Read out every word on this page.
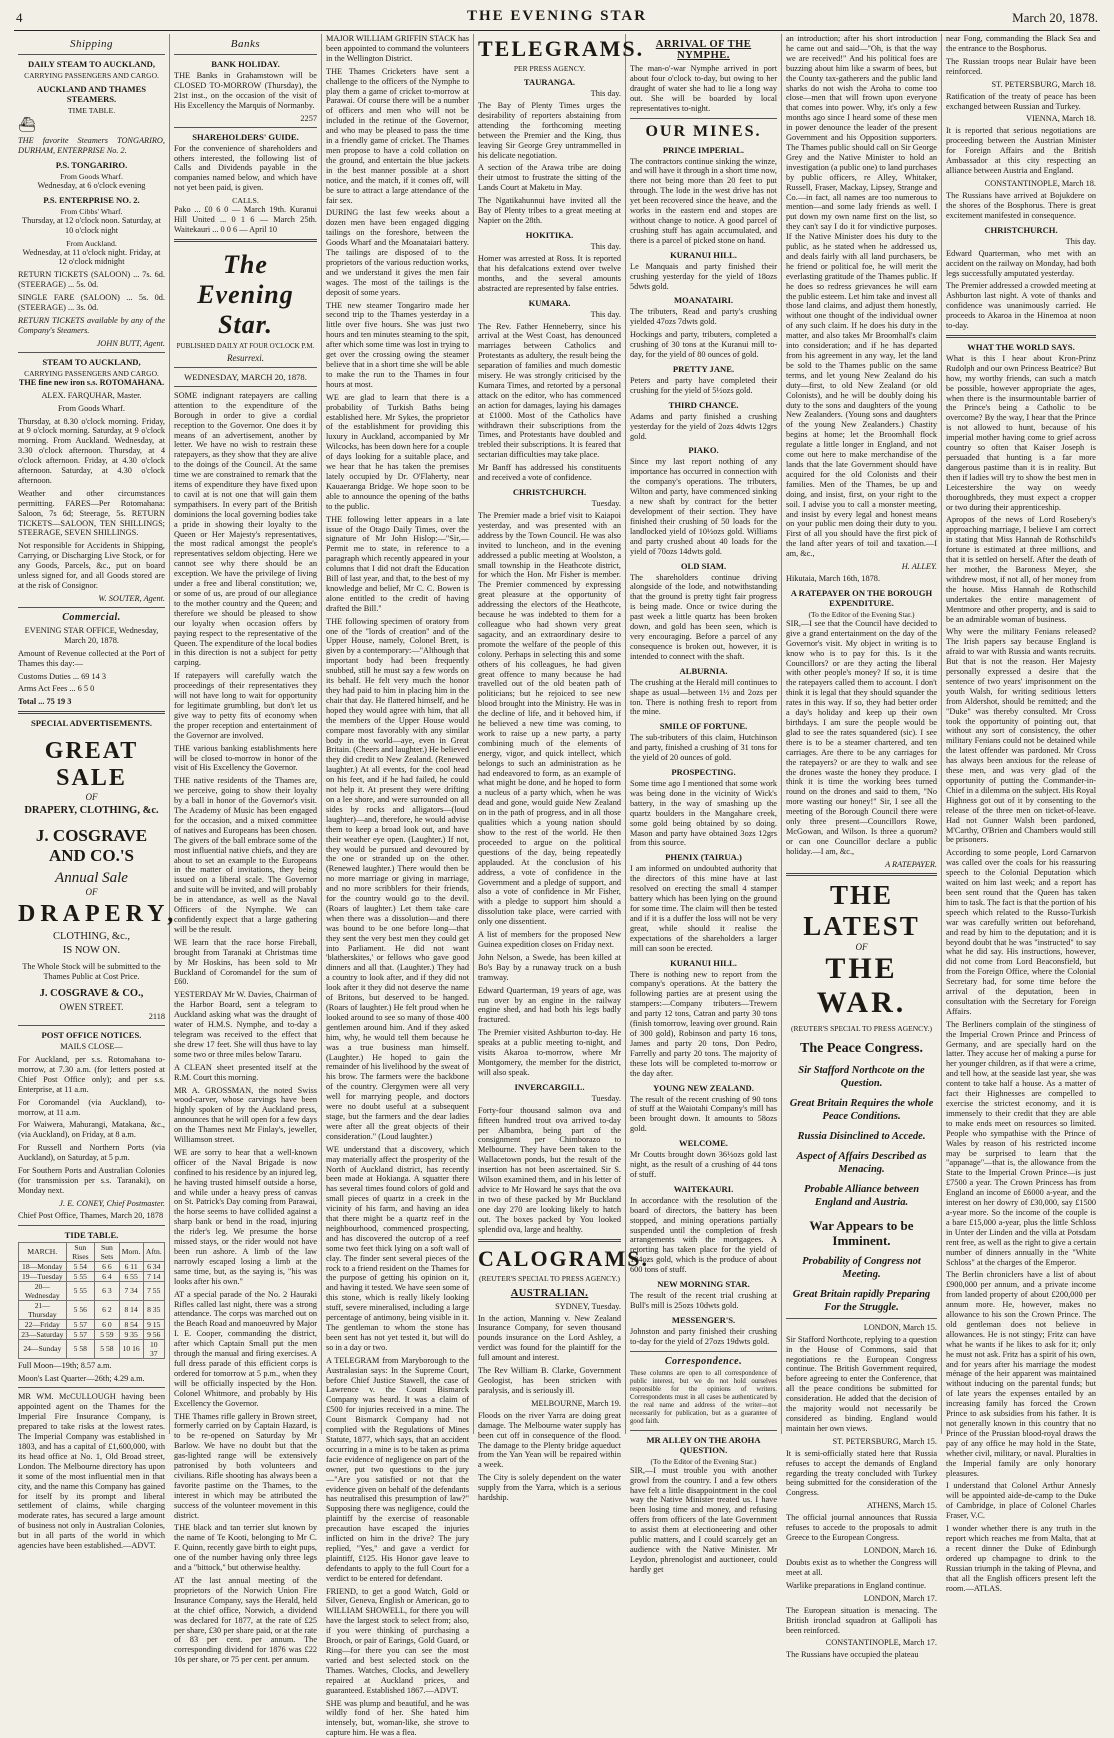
4	THE EVENING STAR	March 20, 1878.
Shipping
DAILY STEAM TO AUCKLAND,
CARRYING PASSENGERS AND CARGO.
AUCKLAND AND THAMES STEAMERS.
TIME TABLE.
⛴

THE favorite Steamers TONGARIRO, DURHAM, ENTERPRISE No. 2.

P.S. TONGARIRO.
From Goods Wharf.

Wednesday, at 6 o'clock evening

P.S. ENTERPRISE NO. 2.
From Cibbs' Wharf.

Thursday, at 12 o'clock noon. Saturday, at 10 o'clock night

From Auckland.

Wednesday, at 11 o'clock night. Friday, at 12 o'clock midnight

RETURN TICKETS (SALOON) ... 7s. 6d. (STEERAGE) ... 5s. 0d.

SINGLE FARE (SALOON) ... 5s. 0d. (STEERAGE) ... 3s. 0d.

RETURN TICKETS available by any of the Company's Steamers.

JOHN BUTT, Agent.
STEAM TO AUCKLAND,
CARRYING PASSENGERS AND CARGO.

THE fine new iron s.s. ROTOMAHANA.

ALEX. FARQUHAR, Master.

From Goods Wharf.

Thursday, at 8.30 o'clock morning. Friday, at 9 o'clock morning. Saturday, at 9 o'clock morning. From Auckland. Wednesday, at 3.30 o'clock afternoon. Thursday, at 4 o'clock afternoon. Friday, at 4.30 o'clock afternoon. Saturday, at 4.30 o'clock afternoon.

Weather and other circumstances permitting. FARES—Per Rotomahana: Saloon, 7s 6d; Steerage, 5s. RETURN TICKETS—SALOON, TEN SHILLINGS; STEERAGE, SEVEN SHILLINGS.

Not responsible for Accidents in Shipping, Carrying, or Discharging Live Stock, or for any Goods, Parcels, &c., put on board unless signed for, and all Goods stored are at the risk of Consignor.

W. SOUTER, Agent.
Commercial.

EVENING STAR OFFICE, Wednesday, March 20, 1878.

Amount of Revenue collected at the Port of Thames this day:—

Customs Duties ... 69 14 3

Arms Act Fees ... 6 5 0

Total ... 75 19 3

SPECIAL ADVERTISEMENTS.
GREAT SALE
OF
DRAPERY, CLOTHING, &c.
J. COSGRAVE AND CO.'S
Annual Sale
OF
DRAPERY,
CLOTHING, &c.,
IS NOW ON.

The Whole Stock will be submitted to the Thames Public at Cost Price.

J. COSGRAVE & CO.,
OWEN STREET.
2118
POST OFFICE NOTICES.

MAILS CLOSE—

For Auckland, per s.s. Rotomahana to-morrow, at 7.30 a.m. (for letters posted at Chief Post Office only); and per s.s. Enterprise, at 11 a.m.

For Coromandel (via Auckland), to-morrow, at 11 a.m.

For Waiwera, Mahurangi, Matakana, &c., (via Auckland), on Friday, at 8 a.m.

For Russell and Northern Ports (via Auckland), on Saturday, at 5 p.m.

For Southern Ports and Australian Colonies (for transmission per s.s. Taranaki), on Monday next.

J. E. CONEY, Chief Postmaster.

Chief Post Office, Thames, March 20, 1878

TIDE TABLE.
MARCH.	Sun Rises	Sun Sets	Morn.	Aftn.
18—Monday	5 54	6 6	6 11	6 34
19—Tuesday	5 55	6 4	6 55	7 14
20—Wednesday	5 55	6 3	7 34	7 55
21—Thursday	5 56	6 2	8 14	8 35
22—Friday	5 57	6 0	8 54	9 15
23—Saturday	5 57	5 59	9 35	9 56
24—Sunday	5 58	5 58	10 16	10 37

Full Moon—19th; 8.57 a.m.

Moon's Last Quarter—26th; 4.29 a.m.

MR WM. McCULLOUGH having been appointed agent on the Thames for the Imperial Fire Insurance Company, is prepared to take risks at the lowest rates. The Imperial Company was established in 1803, and has a capital of £1,600,000, with its head office at No. 1, Old Broad street, London. The Melbourne directory has upon it some of the most influential men in that city, and the name this Company has gained for itself by its prompt and liberal settlement of claims, while charging moderate rates, has secured a large amount of business not only in Australian Colonies, but in all parts of the world in which agencies have been established.—ADVT.

Banks
BANK HOLIDAY.

THE Banks in Grahamstown will be CLOSED TO-MORROW (Thursday), the 21st inst., on the occasion of the visit of His Excellency the Marquis of Normanby.

2257
SHAREHOLDERS' GUIDE.

For the convenience of shareholders and others interested, the following list of Calls and Dividends payable in the companies named below, and which have not yet been paid, is given.

CALLS.

Pako ... £0 6 0 — March 19th. Kuranui Hill United ... 0 1 6 — March 25th. Waitekauri ... 0 0 6 — April 10

The Evening Star.
PUBLISHED DAILY AT FOUR O'CLOCK P.M.
Resurrexi.
WEDNESDAY, MARCH 20, 1878.

SOME indignant ratepayers are calling attention to the expenditure of the Borough in order to give a cordial reception to the Governor. One does it by means of an advertisement, another by letter. We have no wish to restrain these ratepayers, as they show that they are alive to the doings of the Council. At the same time we are constrained to remark that the items of expenditure they have fixed upon to cavil at is not one that will gain them sympathisers. In every part of the British dominions the local governing bodies take a pride in showing their loyalty to the Queen or Her Majesty's representatives, the most radical amongst the people's representatives seldom objecting. Here we cannot see why there should be an exception. We have the privilege of living under a free and liberal constitution; we, or some of us, are proud of our allegiance to the mother country and the Queen; and therefore we should be pleased to show our loyalty when occasion offers by paying respect to the representative of the Queen. The expenditure of the local bodies in this direction is not a subject for petty carping.

If ratepayers will carefully watch the proceedings of their representatives they will not have long to wait for opportunity for legitimate grumbling, but don't let us give way to petty fits of economy when the proper reception and entertainment of the Governor are involved.

THE various banking establishments here will be closed to-morrow in honor of the visit of His Excellency the Governor.

THE native residents of the Thames are, we perceive, going to show their loyalty by a ball in honor of the Governor's visit. The Academy of Music has been engaged for the occasion, and a mixed committee of natives and Europeans has been chosen. The givers of the ball embrace some of the most influential native chiefs, and they are about to set an example to the Europeans in the matter of invitations, they being issued on a liberal scale. The Governor and suite will be invited, and will probably be in attendance, as well as the Naval Officers of the Nymphe. We can confidently expect that a large gathering will be the result.

WE learn that the race horse Fireball, brought from Taranaki at Christmas time by Mr Hoskins, has been sold to Mr Buckland of Coromandel for the sum of £60.

YESTERDAY Mr W. Davies, Chairman of the Harbor Board, sent a telegram to Auckland asking what was the draught of water of H.M.S. Nymphe, and to-day a telegram was received to the effect that she drew 17 feet. She will thus have to lay some two or three miles below Tararu.

A CLEAN sheet presented itself at the R.M. Court this morning.

MR A. GROSSMAN, the noted Swiss wood-carver, whose carvings have been highly spoken of by the Auckland press, announces that he will open for a few days on the Thames next Mr Finlay's, jeweller, Williamson street.

WE are sorry to hear that a well-known officer of the Naval Brigade is now confined to his residence by an injured leg, he having trusted himself outside a horse, and while under a heavy press of canvas on St. Patrick's Day coming from Parawai, the horse seems to have collided against a sharp bank or bend in the road, injuring the rider's leg. We presume the horse missed stays, or the rider would not have been run ashore. A limb of the law narrowly escaped losing a limb at the same time, but, as the saying is, "his was looks after his own."

AT a special parade of the No. 2 Hauraki Rifles called last night, there was a strong attendance. The corps was marched out on the Beach Road and manoeuvred by Major I. E. Cooper, commanding the district, after which Captain Small put the men through the manual and firing exercises. A full dress parade of this efficient corps is ordered for tomorrow at 5 p.m., when they will be officially inspected by the Hon. Colonel Whitmore, and probably by His Excellency the Governor.

THE Thames rifle gallery in Brown street, formerly carried on by Captain Hazard, is to be re-opened on Saturday by Mr Barlow. We have no doubt but that the gas-lighted range will be extensively patronised by both volunteers and civilians. Rifle shooting has always been a favorite pastime on the Thames, to the interest in which may be attributed the success of the volunteer movement in this district.

THE black and tan terrier slut known by the name of Te Kooti, belonging to Mr C. F. Quinn, recently gave birth to eight pups, one of the number having only three legs and a "bittock," but otherwise healthy.

AT the last annual meeting of the proprietors of the Norwich Union Fire Insurance Company, says the Herald, held at the chief office, Norwich, a dividend was declared for 1877, at the rate of £25 per share, £30 per share paid, or at the rate of 83 per cent. per annum. The corresponding dividend for 1876 was £22 10s per share, or 75 per cent. per annum.

MAJOR WILLIAM GRIFFIN STACK has been appointed to command the volunteers in the Wellington District.

THE Thames Cricketers have sent a challenge to the officers of the Nymphe to play them a game of cricket to-morrow at Parawai. Of course there will be a number of officers and men who will not be included in the retinue of the Governor, and who may be pleased to pass the time in a friendly game of cricket. The Thames men propose to have a cold collation on the ground, and entertain the blue jackets in the best manner possible at a short notice, and the match, if it comes off, will be sure to attract a large attendance of the fair sex.

DURING the last few weeks about a dozen men have been engaged digging tailings on the foreshore, between the Goods Wharf and the Moanataiari battery. The tailings are disposed of to the proprietors of the various reduction works, and we understand it gives the men fair wages. The most of the tailings is the deposit of some years.

THE new steamer Tongariro made her second trip to the Thames yesterday in a little over five hours. She was just two hours and ten minutes steaming to the spit, after which some time was lost in trying to get over the crossing owing the steamer believe that in a short time she will be able to make the run to the Thames in four hours at most.

WE are glad to learn that there is a probability of Turkish Baths being established here. Mr Sykes, the proprietor of the establishment for providing this luxury in Auckland, accompanied by Mr Wilcocks, has been down here for a couple of days looking for a suitable place, and we hear that he has taken the premises lately occupied by Dr. O'Flaherty, near Kauaeranga Bridge. We hope soon to be able to announce the opening of the baths to the public.

THE following letter appears in a late issue of the Otago Daily Times, over the signature of Mr John Hislop:—"Sir,—Permit me to state, in reference to a paragraph which recently appeared in your columns that I did not draft the Education Bill of last year, and that, to the best of my knowledge and belief, Mr C. C. Bowen is alone entitled to the credit of having drafted the Bill."

THE following specimen of oratory from one of the "lords of creation" and of the Upper House, namely, Colonel Brett, is given by a contemporary:—"Although that important body had been frequently snubbed, still he must say a few words on its behalf. He felt very much the honor they had paid to him in placing him in the chair that day. He flattered himself, and he hoped they would agree with him, that all the members of the Upper House would compare most favorably with any similar body in the world—aye, even in Great Britain. (Cheers and laughter.) He believed they did credit to New Zealand. (Renewed laughter.) At all events, for the cool head on his feet, and if he had failed, he could not help it. At present they were drifting on a lee shore, and were surrounded on all sides by rocks and alligators—(loud laughter)—and, therefore, he would advise them to keep a broad look out, and have their weather eye open. (Laughter.) If not, they would be pursued and devoured by the one or stranded up on the other. (Renewed laughter.) There would then be no more marriage or giving in marriage, and no more scribblers for their friends, for the country would go to the devil. (Roars of laughter.) Let them take care when there was a dissolution—and there was bound to be one before long—that they sent the very best men they could get into Parliament. He did not want 'blatherskites,' or fellows who gave good dinners and all that. (Laughter.) They had a country to look after, and if they did not look after it they did not deserve the name of Britons, but deserved to be hanged. (Roars of laughter.) He felt proud when he looked around to see so many of those 400 gentlemen around him. And if they asked him, why, he would tell them because he was a true business man himself. (Laughter.) He hoped to gain the remainder of his livelihood by the sweat of his brow. The farmers were the backbone of the country. Clergymen were all very well for marrying people, and doctors were no doubt useful at a subsequent stage, but the farmers and the dear ladies were after all the great objects of their consideration." (Loud laughter.)

WE understand that a discovery, which may materially affect the prosperity of the North of Auckland district, has recently been made at Hokianga. A squatter there has several times found colors of gold and small pieces of quartz in a creek in the vicinity of his farm, and having an idea that there might be a quartz reef in the neighbourhood, commenced prospecting, and has discovered the outcrop of a reef some two feet thick lying on a soft wall of clay. The finder sent several pieces of the rock to a friend resident on the Thames for the purpose of getting his opinion on it, and having it tested. We have seen some of this stone, which is really likely looking stuff, severe mineralised, including a large percentage of antimony, being visible in it. The gentleman to whom the stone has been sent has not yet tested it, but will do so in a day or two.

A TELEGRAM from Maryborough to the Australasian says: In the Supreme Court, before Chief Justice Stawell, the case of Lawrence v. the Count Bismarck Company was heard. It was a claim of £500 for injuries received in a mine. The Count Bismarck Company had not complied with the Regulations of Mines Statute, 1877, which says, that an accident occurring in a mine is to be taken as prima facie evidence of negligence on part of the owner, put two questions to the jury—"Are you satisfied or not that the evidence given on behalf of the defendants has neutralised this presumption of law?" Supposing there was negligence, could the plaintiff by the exercise of reasonable precaution have escaped the injuries inflicted on him in the drive? The jury replied, "Yes," and gave a verdict for plaintiff, £125. His Honor gave leave to defendants to apply to the full Court for a verdict to be entered for defendant.

FRIEND, to get a good Watch, Gold or Silver, Geneva, English or American, go to WILLIAM SHOWELL, for there you will have the largest stock to select from; also, if you were thinking of purchasing a Brooch, or pair of Earings, Gold Guard, or Ring—for there you can see the most varied and best selected stock on the Thames. Watches, Clocks, and Jewellery repaired at Auckland prices, and guaranteed. Established 1867.—ADVT.

SHE was plump and beautiful, and he was wildly fond of her. She hated him intensely, but, woman-like, she strove to capture him. He was a flea.

TELEGRAMS.
PER PRESS AGENCY.
TAURANGA.
This day.

The Bay of Plenty Times urges the desirability of reporters abstaining from attending the forthcoming meeting between the Premier and the King, thus leaving Sir George Grey untrammelled in his delicate negotiation.

A section of the Arawa tribe are doing their utmost to frustrate the sitting of the Lands Court at Maketu in May.

The Ngatikahunnui have invited all the Bay of Plenty tribes to a great meeting at Napier on the 28th.

HOKITIKA.
This day.

Homer was arrested at Ross. It is reported that his defalcations extend over twelve months, and the several amounts abstracted are represented by false entries.

KUMARA.
This day.

The Rev. Father Henneberry, since his arrival at the West Coast, has denounced marriages between Catholics and Protestants as adultery, the result being the separation of families and much domestic misery. He was strongly criticised by the Kumara Times, and retorted by a personal attack on the editor, who has commenced an action for damages, laying his damages at £1000. Most of the Catholics have withdrawn their subscriptions from the Times, and Protestants have doubled and trebled their subscriptions. It is feared that sectarian difficulties may take place.

Mr Banff has addressed his constituents and received a vote of confidence.

CHRISTCHURCH.
Tuesday.

The Premier made a brief visit to Kaiapoi yesterday, and was presented with an address by the Town Council. He was also invited to luncheon, and in the evening addressed a public meeting at Woolston, a small township in the Heathcote district, for which the Hon. Mr Fisher is member. The Premier commenced by expressing great pleasure at the opportunity of addressing the electors of the Heathcote, because he was indebted to them for a colleague who had shown very great sagacity, and an extraordinary desire to promote the welfare of the people of this colony. Perhaps in selecting this and some others of his colleagues, he had given great offence to many because he had travelled out of the old beaten path of politicians; but he rejoiced to see new blood brought into the Ministry. He was in the decline of life, and it behoved him, if he believed a new time was coming, to work to raise up a new party, a party combining much of the elements of energy, vigor, and quick intellect, which belongs to such an administration as he had endeavored to form, as an example of what might be done, and he hoped to form a nucleus of a party which, when he was dead and gone, would guide New Zealand on in the path of progress, and in all those qualities which a young nation should show to the rest of the world. He then proceeded to argue on the political questions of the day, being repeatedly applauded. At the conclusion of his address, a vote of confidence in the Government and a pledge of support, and also a vote of confidence in Mr Fisher, with a pledge to support him should a dissolution take place, were carried with only one dissentient.

A list of members for the proposed New Guinea expedition closes on Friday next.

John Nelson, a Swede, has been killed at Bo's Bay by a runaway truck on a bush tramway.

Edward Quarterman, 19 years of age, was run over by an engine in the railway engine shed, and had both his legs badly fractured.

The Premier visited Ashburton to-day. He speaks at a public meeting to-night, and visits Akaroa to-morrow, where Mr Montgomery, the member for the district, will also speak.

INVERCARGILL.
Tuesday.

Forty-four thousand salmon ova and fifteen hundred trout ova arrived to-day per Albambra, being part of the consignment per Chimborazo to Melbourne. They have been taken to the Wallacetown ponds, but the result of the insertion has not been ascertained. Sir S. Wilson examined them, and in his letter of advice to Mr Howard he says that the ova in two of these packed by Mr Buckland one day 270 are looking likely to hatch out. The boxes packed by You looked splendid ova, large and healthy.

CALOGRAMS.
(REUTER'S SPECIAL TO PRESS AGENCY.)
AUSTRALIAN.
SYDNEY, Tuesday.

In the action, Manning v. New Zealand Insurance Company, for seven thousand pounds insurance on the Lord Ashley, a verdict was found for the plaintiff for the full amount and interest.

The Rev William B. Clarke, Government Geologist, has been stricken with paralysis, and is seriously ill.

MELBOURNE, March 19.

Floods on the river Yarra are doing great damage. The Melbourne water supply has been cut off in consequence of the flood. The damage to the Plenty bridge aqueduct from the Yan Yean will be repaired within a week.

The City is solely dependent on the water supply from the Yarra, which is a serious hardship.

ARRIVAL OF THE NYMPHE.

The man-o'-war Nymphe arrived in port about four o'clock to-day, but owing to her draught of water she had to lie a long way out. She will be boarded by local representatives to-night.

OUR MINES.
PRINCE IMPERIAL.

The contractors continue sinking the winze, and will have it through in a short time now, there not being more than 20 feet to put through. The lode in the west drive has not yet been recovered since the heave, and the works in the eastern end and stopes are without change to notice. A good parcel of crushing stuff has again accumulated, and there is a parcel of picked stone on hand.

KURANUI HILL.

Le Manquais and party finished their crushing yesterday for the yield of 18ozs 5dwts gold.

MOANATAIRI.

The tributers, Read and party's crushing yielded 47ozs 7dwts gold.

Hockings and party, tributers, completed a crushing of 30 tons at the Kuranui mill to-day, for the yield of 80 ounces of gold.

PRETTY JANE.

Peters and party have completed their crushing for the yield of 5½ozs gold.

THIRD CHANCE.

Adams and party finished a crushing yesterday for the yield of 2ozs 4dwts 12grs gold.

PIAKO.

Since my last report nothing of any importance has occurred in connection with the company's operations. The tributers, Wilton and party, have commenced sinking a new shaft by contract for the better development of their section. They have finished their crushing of 50 loads for the landlocked yield of 10½ozs gold. Williams and party crushed about 40 loads for the yield of 70ozs 14dwts gold.

OLD SIAM.

The shareholders continue driving alongside of the lode, and notwithstanding that the ground is pretty tight fair progress is being made. Once or twice during the past week a little quartz has been broken down, and gold has been seen, which is very encouraging. Before a parcel of any consequence is broken out, however, it is intended to connect with the shaft.

ALBURNIA.

The crushing at the Herald mill continues to shape as usual—between 1½ and 2ozs per ton. There is nothing fresh to report from the mine.

SMILE OF FORTUNE.

The sub-tributers of this claim, Hutchinson and party, finished a crushing of 31 tons for the yield of 20 ounces of gold.

PROSPECTING.

Some time ago I mentioned that some work was being done in the vicinity of Wick's battery, in the way of smashing up the quartz boulders in the Mangahare creek, some gold being obtained by so doing. Mason and party have obtained 3ozs 12grs from this source.

PHENIX (TAIRUA.)

I am informed on undoubted authority that the directors of this mine have at last resolved on erecting the small 4 stamper battery which has been lying on the ground for some time. The claim will then be tested and if it is a duffer the loss will not be very great, while should it realise the expectations of the shareholders a larger mill can soon be erected.

KURANUI HILL.

There is nothing new to report from the company's operations. At the battery the following parties are at present using the stampers:—Company tributers—Trewern and party 12 tons, Catran and party 30 tons (finish tomorrow, leaving over ground. Rain of 300 gold), Robinson and party 16 tons, James and party 20 tons, Don Pedro, Farrelly and party 20 tons. The majority of these lots will be completed to-morrow or the day after.

YOUNG NEW ZEALAND.

The result of the recent crushing of 90 tons of stuff at the Waiotahi Company's mill has been brought down. It amounts to 58ozs gold.

WELCOME.

Mr Coutts brought down 36½ozs gold last night, as the result of a crushing of 44 tons of stuff.

WAITEKAURI.

In accordance with the resolution of the board of directors, the battery has been stopped, and mining operations partially suspended until the completion of fresh arrangements with the mortgagees. A retorting has taken place for the yield of 184ozs gold, which is the produce of about 600 tons of stuff.

NEW MORNING STAR.

The result of the recent trial crushing at Bull's mill is 25ozs 10dwts gold.

MESSENGER'S.

Johnston and party finished their crushing to-day for the yield of 27ozs 19dwts gold.

Correspondence.

These columns are open to all correspondence of public interest, but we do not hold ourselves responsible for the opinions of writers. Correspondents must in all cases be authenticated by the real name and address of the writer—not necessarily for publication, but as a guarantee of good faith.

MR ALLEY ON THE AROHA QUESTION.
(To the Editor of the Evening Star.)

SIR,—I must trouble you with another growl from the country. I and a few others have felt a little disappointment in the cool way the Native Minister treated us. I have been losing time and money, and refusing offers from officers of the late Government to assist them at electioneering and other public matters, and I could scarcely get an audience with the Native Minister. Mr Leydon, phrenologist and auctioneer, could hardly get

an introduction; after his short introduction he came out and said—"Oh, is that the way we are received!" And his political foes are buzzing about him like a swarm of bees, but the County tax-gatherers and the public land sharks do not wish the Aroha to come too close—men that will frown upon everyone that comes into power. Why, it's only a few months ago since I heard some of these men in power denounce the leader of the present Government and his Opposition supporters. The Thames public should call on Sir George Grey and the Native Minister to hold an investigation (a public one) to land purchases by public officers, re Alley, Whitaker, Russell, Fraser, Mackay, Lipsey, Strange and Co.—in fact, all names are too numerous to mention—and some lady friends as well. I put down my own name first on the list, so they can't say I do it for vindictive purposes. If the Native Minister does his duty to the public, as he stated when he addressed us, and deals fairly with all land purchasers, be he friend or political foe, he will merit the everlasting gratitude of the Thames public. If he does so redress grievances he will earn the public esteem. Let him take and invest all those land claims, and adjust them honestly, without one thought of the individual owner of any such claim. If he does his duty in the matter, and also takes Mr Broomhall's claim into consideration; and if he has departed from his agreement in any way, let the land be sold to the Thames public on the same terms, and let young New Zealand do his duty—first, to old New Zealand (or old Colonists), and he will be doubly doing his duty to the sons and daughters of the young New Zealanders. (Young sons and daughters of the young New Zealanders.) Chastity begins at home; let the Broomhall flock regulate a little longer in England, and not come out here to make merchandise of the lands that the late Government should have acquired for the old Colonists and their families. Men of the Thames, be up and doing, and insist, first, on your right to the soil. I advise you to call a monster meeting, and insist by every legal and honest means on your public men doing their duty to you. First of all you should have the first pick of the land after years of toil and taxation.—I am, &c.,

H. ALLEY.

Hikutaia, March 16th, 1878.

A RATEPAYER ON THE BOROUGH EXPENDITURE.
(To the Editor of the Evening Star.)

SIR,—I see that the Council have decided to give a grand entertainment on the day of the Governor's visit. My object in writing is to know who is to pay for this. Is it the Councillors? or are they acting the liberal with other people's money? If so, it is time the ratepayers called them to account. I don't think it is legal that they should squander the rates in this way. If so, they had better order a day's holiday and keep up their own birthdays. I am sure the people would be glad to see the rates squandered (sic). I see there is to be a steamer chartered, and ten carriages. Are there to be any carriages for the ratepayers? or are they to walk and see the drones waste the honey they produce. I think it is time the working bees turned round on the drones and said to them, "No more wasting our honey!" Sir, I see all the meeting of the Borough Council there were only three present—Councillors Rowe, McGowan, and Wilson. Is three a quorum? or can one Councillor declare a public holiday.—I am, &c.,

A RATEPAYER.
THE LATEST
OF
THE WAR.
(REUTER'S SPECIAL TO PRESS AGENCY.)
The Peace Congress.
Sir Stafford Northcote on the Question.
Great Britain Requires the whole Peace Conditions.
Russia Disinclined to Accede.
Aspect of Affairs Described as Menacing.
Probable Alliance between England and Austria.
War Appears to be Imminent.
Probability of Congress not Meeting.
Great Britain rapidly Preparing For the Struggle.
LONDON, March 15.

Sir Stafford Northcote, replying to a question in the House of Commons, said that negotiations re the European Congress continue. The British Government required, before agreeing to enter the Conference, that all the peace conditions be submitted for consideration. He added that the decision of the majority would not necessarily be considered as binding. England would maintain her own views.

ST. PETERSBURG, March 15.

It is semi-officially stated here that Russia refuses to accept the demands of England regarding the treaty concluded with Turkey being submitted for the consideration of the Congress.

ATHENS, March 15.

The official journal announces that Russia refuses to accede to the proposals to admit Greece to the European Congress.

LONDON, March 16.

Doubts exist as to whether the Congress will meet at all.

Warlike preparations in England continue.

LONDON, March 17.

The European situation is menacing. The British ironclad squadron at Gallipoli has been reinforced.

CONSTANTINOPLE, March 17.

The Russians have occupied the plateau

near Fong, commanding the Black Sea and the entrance to the Bosphorus.

The Russian troops near Bulair have been reinforced.

ST. PETERSBURG, March 18.

Ratification of the treaty of peace has been exchanged between Russian and Turkey.

VIENNA, March 18.

It is reported that serious negotiations are proceeding between the Austrian Minister for Foreign Affairs and the British Ambassador at this city respecting an alliance between Austria and England.

CONSTANTINOPLE, March 18.

The Russians have arrived at Bojukdere on the shores of the Bosphorus. There is great excitement manifested in consequence.

CHRISTCHURCH.
This day.

Edward Quarterman, who met with an accident on the railway on Monday, had both legs successfully amputated yesterday.

The Premier addressed a crowded meeting at Ashburton last night. A vote of thanks and confidence was unanimously carried. He proceeds to Akaroa in the Hinemoa at noon to-day.

WHAT THE WORLD SAYS.

What is this I hear about Kron-Prinz Rudolph and our own Princess Beatrice? But how, my worthy friends, can such a match be possible, however appropriate the ages, when there is the insurmountable barrier of the Prince's being a Catholic to be overcome? By the way, I hear that the Prince is not allowed to hunt, because of his imperial mother having come to grief across country so often that Kaiser Joseph is persuaded that hunting is a far more dangerous pastime than it is in reality. But then if ladies will try to show the best men in Leicestershire the way on weedy thoroughbreds, they must expect a cropper or two during their apprenticeship.

Apropos of the news of Lord Rosebery's approaching marriage, I believe I am correct in stating that Miss Hannah de Rothschild's fortune is estimated at three millions, and that it is settled on herself. After the death of her mother, the Baroness Meyer, she withdrew most, if not all, of her money from the house. Miss Hannah de Rothschild undertakes the entire management of Mentmore and other property, and is said to be an admirable woman of business.

Why were the military Fenians released? The Irish papers say because England is afraid to war with Russia and wants recruits. But that is not the reason. Her Majesty personally expressed a desire that the sentence of two years' imprisonment on the youth Walsh, for writing seditious letters from Aldershot, should be remitted; and the "Duke" was thereby consulted. Mr Cross took the opportunity of pointing out, that without any sort of consistency, the other military Fenians could not be detained while the latest offender was pardoned. Mr Cross has always been anxious for the release of these men, and was very glad of the opportunity of putting the Commander-in-Chief in a dilemma on the subject. His Royal Highness got out of it by consenting to the release of the three men on ticket-of-leave. Had not Gunner Walsh been pardoned, M'Carthy, O'Brien and Chambers would still be prisoners.

According to some people, Lord Carnarvon was called over the coals for his reassuring speech to the Colonial Deputation which waited on him last week; and a report has been sent round that the Queen has taken him to task. The fact is that the portion of his speech which related to the Russo-Turkish war was carefully written out beforehand, and read by him to the deputation; and it is beyond doubt that he was "instructed" to say what he did say. His instructions, however, did not come from Lord Beaconsfield, but from the Foreign Office, where the Colonial Secretary had, for some time before the arrival of the deputation, been in consultation with the Secretary for Foreign Affairs.

The Berliners complain of the stinginess of the Imperial Crown Prince and Princess of Germany, and are specially hard on the latter. They accuse her of making a purse for her younger children, as if that were a crime, and tell how, at the seaside last year, she was content to take half a house. As a matter of fact their Highnesses are compelled to exercise the strictest economy, and it is immensely to their credit that they are able to make ends meet on resources so limited. People who sympathise with the Prince of Wales by reason of his restricted income may be surprised to learn that the "appanage"—that is, the allowance from the State to the Imperial Crown Prince—is just £7500 a year. The Crown Princess has from England an income of £6000 a-year, and the interest on her dowry of £30,000, say £1500 a-year more. So the income of the couple is a bare £15,000 a-year, plus the little Schloss in Unter der Linden and the villa at Potsdam rent free, as well as the right to give a certain number of dinners annually in the "White Schloss" at the charges of the Emperor.

The Berlin chroniclers have a list of about £900,000 per annum, and a private income from landed property of about £200,000 per annum more. He, however, makes no allowance to his son the Crown Prince. The old gentleman does not believe in allowances. He is not stingy; Fritz can have what he wants if he likes to ask for it; only he must not ask. Fritz has a spirit of his own, and for years after his marriage the modest ménage of the heir apparent was maintained without inducing on the parental funds; but of late years the expenses entailed by an increasing family has forced the Crown Prince to ask subsidies from his father. It is not generally known in this country that no Prince of the Prussian blood-royal draws the pay of any office he may hold in the State, whether civil, military, or naval. Pluralties in the Imperial family are only honorary pleasures.

I understand that Colonel Arthur Annesly will be appointed aide-de-camp to the Duke of Cambridge, in place of Colonel Charles Fraser, V.C.

I wonder whether there is any truth in the report which reaches me from Malta, that at a recent dinner the Duke of Edinburgh ordered up champagne to drink to the Russian triumph in the taking of Plevna, and that all the English officers present left the room.—ATLAS.
